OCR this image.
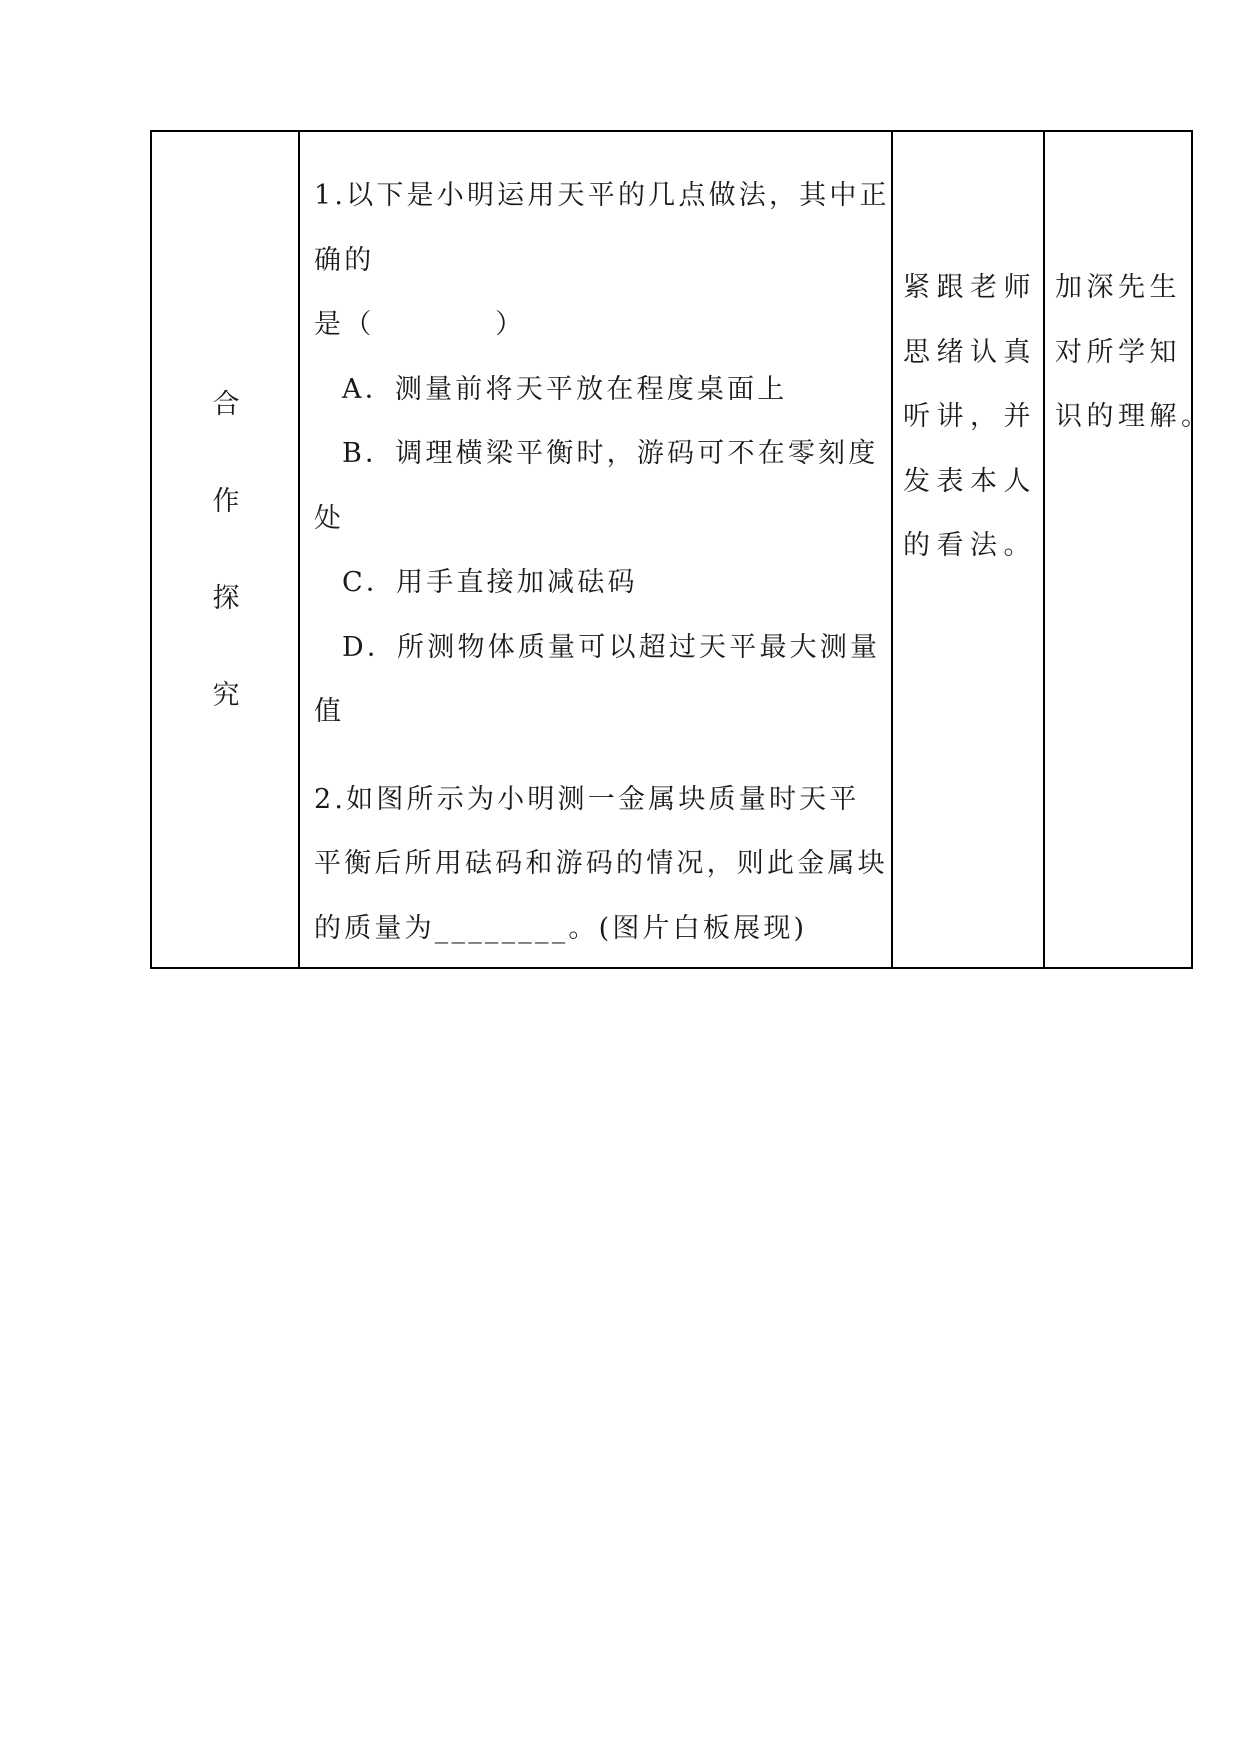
合
作
探
究
1.以下是小明运用天平的几点做法，其中正
确的
是（　　　　）
A．测量前将天平放在程度桌面上
B．调理横梁平衡时，游码可不在零刻度
处
C．用手直接加减砝码
D．所测物体质量可以超过天平最大测量
值
2.如图所示为小明测一金属块质量时天平
平衡后所用砝码和游码的情况，则此金属块
的质量为________。(图片白板展现)
紧跟老师
思绪认真
听讲，并
发表本人
的看法。
加深先生
对所学知
识的理解。
